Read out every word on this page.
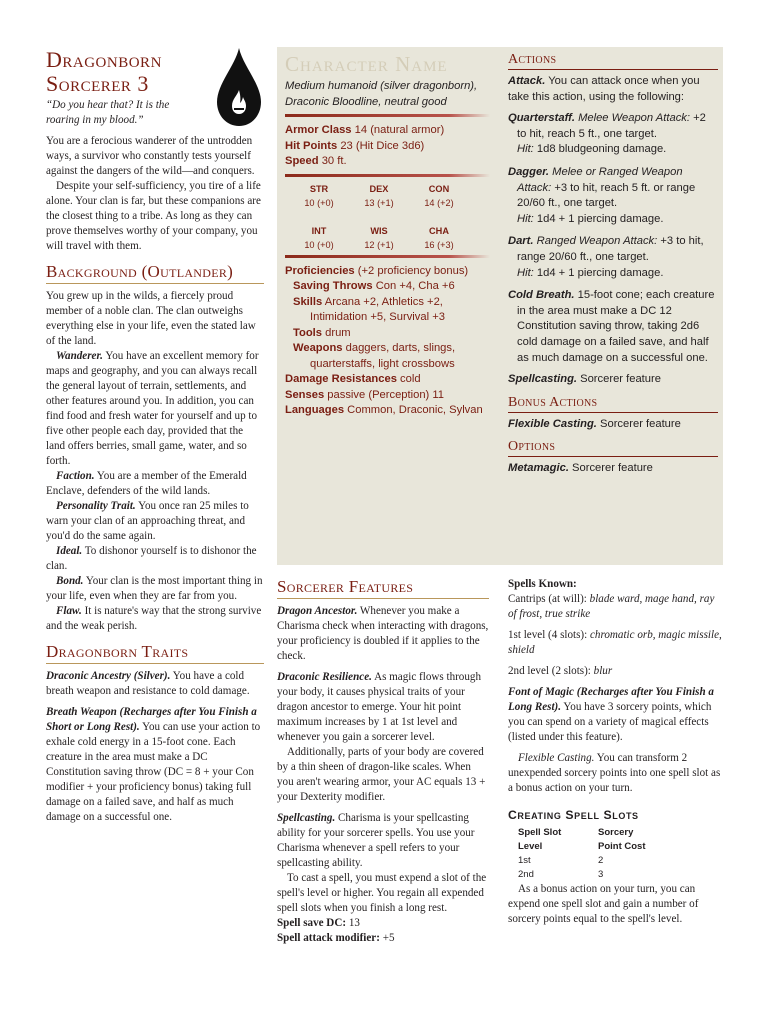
Dragonborn
Sorcerer 3

“Do you hear that? It is the roaring in my blood.”

You are a ferocious wanderer of the untrodden ways, a survivor who constantly tests yourself against the dangers of the wild—and conquers.

Despite your self-sufficiency, you tire of a life alone. Your clan is far, but these companions are the closest thing to a tribe. As long as they can prove themselves worthy of your company, you will travel with them.

Background (Outlander)

You grew up in the wilds, a fiercely proud member of a noble clan. The clan outweighs everything else in your life, even the stated law of the land.

Wanderer. You have an excellent memory for maps and geography, and you can always recall the general layout of terrain, settlements, and other features around you. In addition, you can find food and fresh water for yourself and up to five other people each day, provided that the land offers berries, small game, water, and so forth.

Faction. You are a member of the Emerald Enclave, defenders of the wild lands.

Personality Trait. You once ran 25 miles to warn your clan of an approaching threat, and you'd do the same again.

Ideal. To dishonor yourself is to dishonor the clan.

Bond. Your clan is the most important thing in your life, even when they are far from you.

Flaw. It is nature's way that the strong survive and the weak perish.

Dragonborn Traits

Draconic Ancestry (Silver). You have a cold breath weapon and resistance to cold damage.

Breath Weapon (Recharges after You Finish a Short or Long Rest). You can use your action to exhale cold energy in a 15-foot cone. Each creature in the area must make a DC Constitution saving throw (DC = 8 + your Con modifier + your proficiency bonus) taking full damage on a failed save, and half as much damage on a successful one.

Character Name

Medium humanoid (silver dragonborn), Draconic Bloodline, neutral good

Armor Class 14 (natural armor)

Hit Points 23 (Hit Dice 3d6)

Speed 30 ft.

STR	DEX	CON
10 (+0)	13 (+1)	14 (+2)
INT	WIS	CHA
10 (+0)	12 (+1)	16 (+3)

Proficiencies (+2 proficiency bonus)

Saving Throws Con +4, Cha +6

Skills Arcana +2, Athletics +2, Intimidation +5, Survival +3

Tools drum

Weapons daggers, darts, slings, quarterstaffs, light crossbows

Damage Resistances cold

Senses passive (Perception) 11

Languages Common, Draconic, Sylvan

Actions

Attack. You can attack once when you take this action, using the following:

Quarterstaff. Melee Weapon Attack: +2 to hit, reach 5 ft., one target.
Hit: 1d8 bludgeoning damage.
Dagger. Melee or Ranged Weapon Attack: +3 to hit, reach 5 ft. or range 20/60 ft., one target.
Hit: 1d4 + 1 piercing damage.
Dart. Ranged Weapon Attack: +3 to hit, range 20/60 ft., one target.
Hit: 1d4 + 1 piercing damage.

Cold Breath. 15-foot cone; each creature in the area must make a DC 12 Constitution saving throw, taking 2d6 cold damage on a failed save, and half as much damage on a successful one.

Spellcasting. Sorcerer feature

Bonus Actions

Flexible Casting. Sorcerer feature

Options

Metamagic. Sorcerer feature

Sorcerer Features

Dragon Ancestor. Whenever you make a Charisma check when interacting with dragons, your proficiency is doubled if it applies to the check.

Draconic Resilience. As magic flows through your body, it causes physical traits of your dragon ancestor to emerge. Your hit point maximum increases by 1 at 1st level and whenever you gain a sorcerer level.

Additionally, parts of your body are covered by a thin sheen of dragon-like scales. When you aren't wearing armor, your AC equals 13 + your Dexterity modifier.

Spellcasting. Charisma is your spellcasting ability for your sorcerer spells. You use your Charisma whenever a spell refers to your spellcasting ability.

To cast a spell, you must expend a slot of the spell's level or higher. You regain all expended spell slots when you finish a long rest.

Spell save DC: 13

Spell attack modifier: +5

Spells Known:

Cantrips (at will): blade ward, mage hand, ray of frost, true strike

1st level (4 slots): chromatic orb, magic missile, shield

2nd level (2 slots): blur

Font of Magic (Recharges after You Finish a Long Rest). You have 3 sorcery points, which you can spend on a variety of magical effects (listed under this feature).

Flexible Casting. You can transform 2 unexpended sorcery points into one spell slot as a bonus action on your turn.

Creating Spell Slots

Spell Slot Level
Sorcery Point Cost
1st	2
2nd	3

As a bonus action on your turn, you can expend one spell slot and gain a number of sorcery points equal to the spell's level.
